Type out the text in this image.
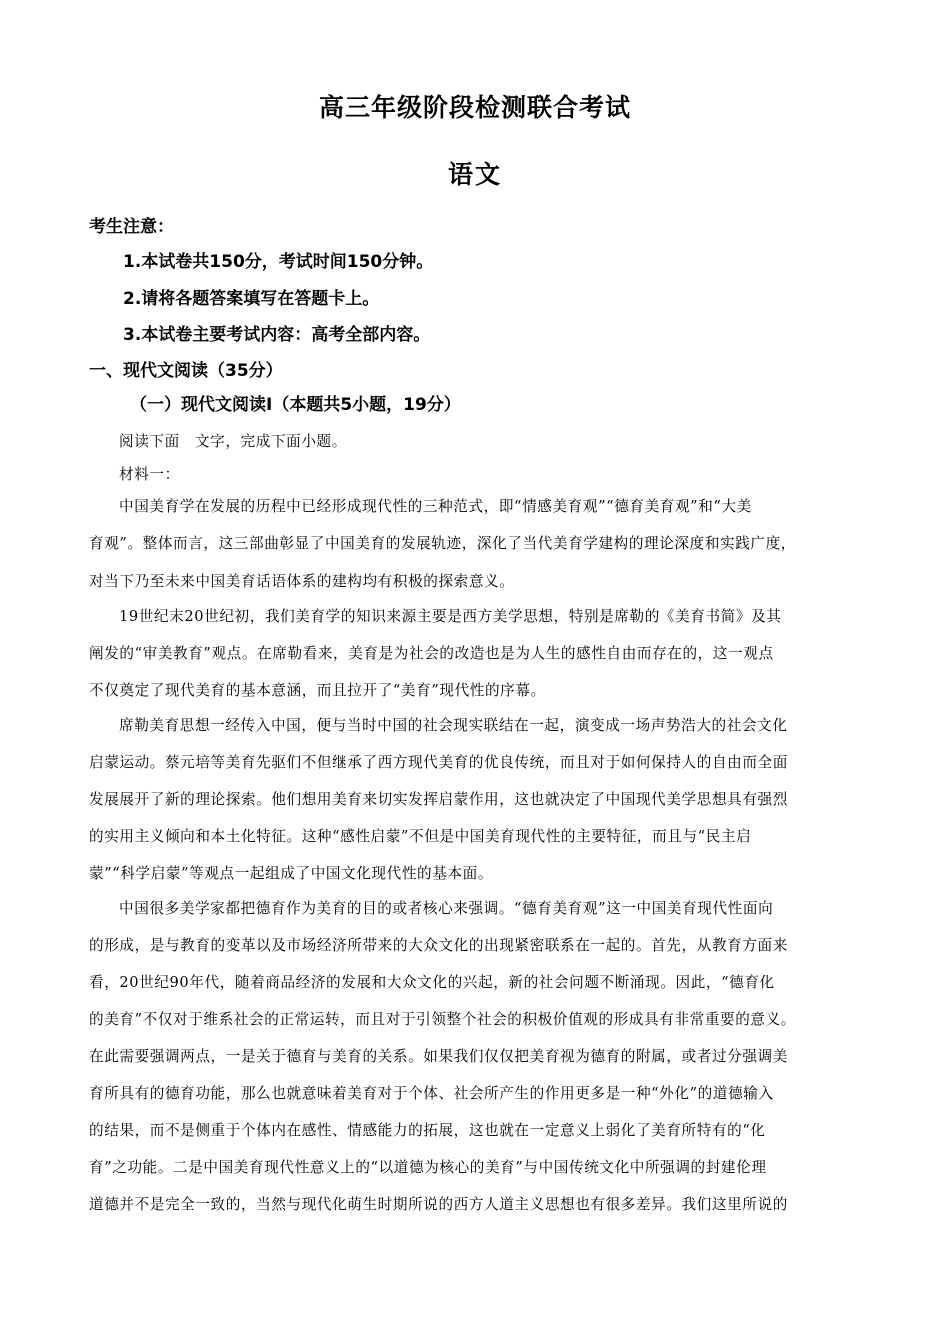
高三年级阶段检测联合考试
语文
考生注意：
1.本试卷共150分，考试时间150分钟。
2.请将各题答案填写在答题卡上。
3.本试卷主要考试内容：高考全部内容。
一、现代文阅读（35分）
（一）现代文阅读Ⅰ（本题共5小题，19分）
阅读下面　文字，完成下面小题。
材料一：
中国美育学在发展的历程中已经形成现代性的三种范式，即“情感美育观”“德育美育观”和“大美
育观”。整体而言，这三部曲彰显了中国美育的发展轨迹，深化了当代美育学建构的理论深度和实践广度，
对当下乃至未来中国美育话语体系的建构均有积极的探索意义。
19世纪末20世纪初，我们美育学的知识来源主要是西方美学思想，特别是席勒的《美育书简》及其
阐发的“审美教育”观点。在席勒看来，美育是为社会的改造也是为人生的感性自由而存在的，这一观点
不仅奠定了现代美育的基本意涵，而且拉开了“美育”现代性的序幕。
席勒美育思想一经传入中国，便与当时中国的社会现实联结在一起，演变成一场声势浩大的社会文化
启蒙运动。蔡元培等美育先驱们不但继承了西方现代美育的优良传统，而且对于如何保持人的自由而全面
发展展开了新的理论探索。他们想用美育来切实发挥启蒙作用，这也就决定了中国现代美学思想具有强烈
的实用主义倾向和本土化特征。这种“感性启蒙”不但是中国美育现代性的主要特征，而且与“民主启
蒙”“科学启蒙”等观点一起组成了中国文化现代性的基本面。
中国很多美学家都把德育作为美育的目的或者核心来强调。“德育美育观”这一中国美育现代性面向
的形成，是与教育的变革以及市场经济所带来的大众文化的出现紧密联系在一起的。首先，从教育方面来
看，20世纪90年代，随着商品经济的发展和大众文化的兴起，新的社会问题不断涌现。因此，“德育化
的美育”不仅对于维系社会的正常运转，而且对于引领整个社会的积极价值观的形成具有非常重要的意义。
在此需要强调两点，一是关于德育与美育的关系。如果我们仅仅把美育视为德育的附属，或者过分强调美
育所具有的德育功能，那么也就意味着美育对于个体、社会所产生的作用更多是一种“外化”的道德输入
的结果，而不是侧重于个体内在感性、情感能力的拓展，这也就在一定意义上弱化了美育所特有的“化
育”之功能。二是中国美育现代性意义上的“以道德为核心的美育”与中国传统文化中所强调的封建伦理
道德并不是完全一致的，当然与现代化萌生时期所说的西方人道主义思想也有很多差异。我们这里所说的
